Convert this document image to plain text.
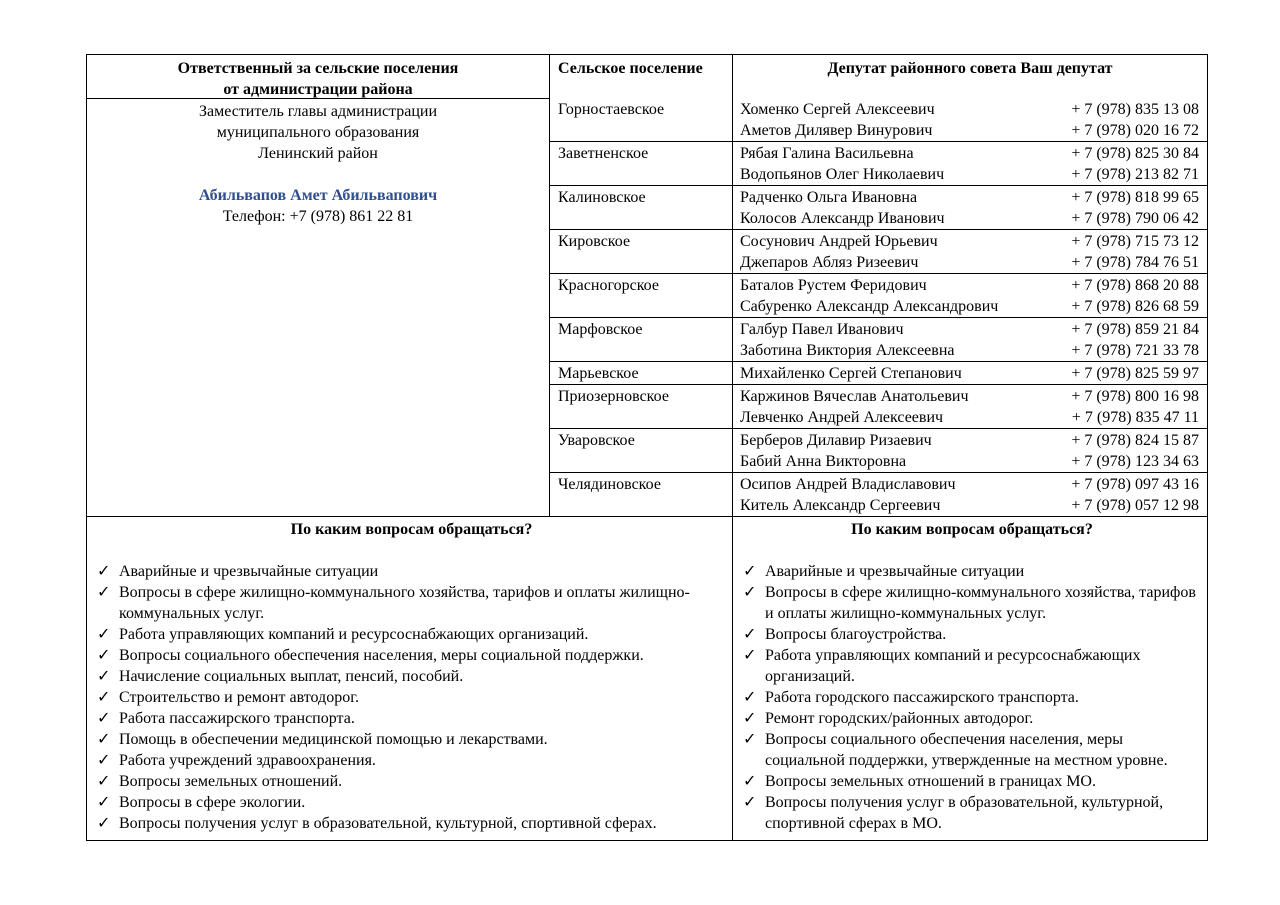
Ответственный за сельские поселения
от администрации района
Сельское поселение	Депутат районного совета Ваш депутат
Заместитель главы администрации
муниципального образования
Ленинский район
Абильвапов Амет Абильвапович
Телефон: +7 (978) 861 22 81
Горностаевское	Хоменко Сергей Алексеевич	+ 7 (978) 835 13 08
Аметов Дилявер Винурович	+ 7 (978) 020 16 72
Заветненское	Рябая Галина Васильевна	+ 7 (978) 825 30 84
Водопьянов Олег Николаевич	+ 7 (978) 213 82 71
Калиновское	Радченко Ольга Ивановна	+ 7 (978) 818 99 65
Колосов Александр Иванович	+ 7 (978) 790 06 42
Кировское	Сосунович Андрей Юрьевич	+ 7 (978) 715 73 12
Джепаров Абляз Ризеевич	+ 7 (978) 784 76 51
Красногорское	Баталов Рустем Феридович	+ 7 (978) 868 20 88
Сабуренко Александр Александрович	+ 7 (978) 826 68 59
Марфовское	Галбур Павел Иванович	+ 7 (978) 859 21 84
Заботина Виктория Алексеевна	+ 7 (978) 721 33 78
Марьевское	Михайленко Сергей Степанович	+ 7 (978) 825 59 97
Приозерновское	Каржинов Вячеслав Анатольевич	+ 7 (978) 800 16 98
Левченко Андрей Алексеевич	+ 7 (978) 835 47 11
Уваровское	Берберов Дилавир Ризаевич	+ 7 (978) 824 15 87
Бабий Анна Викторовна	+ 7 (978) 123 34 63
Челядиновское	Осипов Андрей Владиславович	+ 7 (978) 097 43 16
Китель Александр Сергеевич	+ 7 (978) 057 12 98
По каким вопросам обращаться?
✓ Аварийные и чрезвычайные ситуации
✓ Вопросы в сфере жилищно-коммунального хозяйства, тарифов и оплаты жилищно-коммунальных услуг.
✓ Работа управляющих компаний и ресурсоснабжающих организаций.
✓ Вопросы социального обеспечения населения, меры социальной поддержки.
✓ Начисление социальных выплат, пенсий, пособий.
✓ Строительство и ремонт автодорог.
✓ Работа пассажирского транспорта.
✓ Помощь в обеспечении медицинской помощью и лекарствами.
✓ Работа учреждений здравоохранения.
✓ Вопросы земельных отношений.
✓ Вопросы в сфере экологии.
✓ Вопросы получения услуг в образовательной, культурной, спортивной сферах.
По каким вопросам обращаться?
✓ Аварийные и чрезвычайные ситуации
✓ Вопросы в сфере жилищно-коммунального хозяйства, тарифов и оплаты жилищно-коммунальных услуг.
✓ Вопросы благоустройства.
✓ Работа управляющих компаний и ресурсоснабжающих организаций.
✓ Работа городского пассажирского транспорта.
✓ Ремонт городских/районных автодорог.
✓ Вопросы социального обеспечения населения, меры социальной поддержки, утвержденные на местном уровне.
✓ Вопросы земельных отношений в границах МО.
✓ Вопросы получения услуг в образовательной, культурной, спортивной сферах в МО.
